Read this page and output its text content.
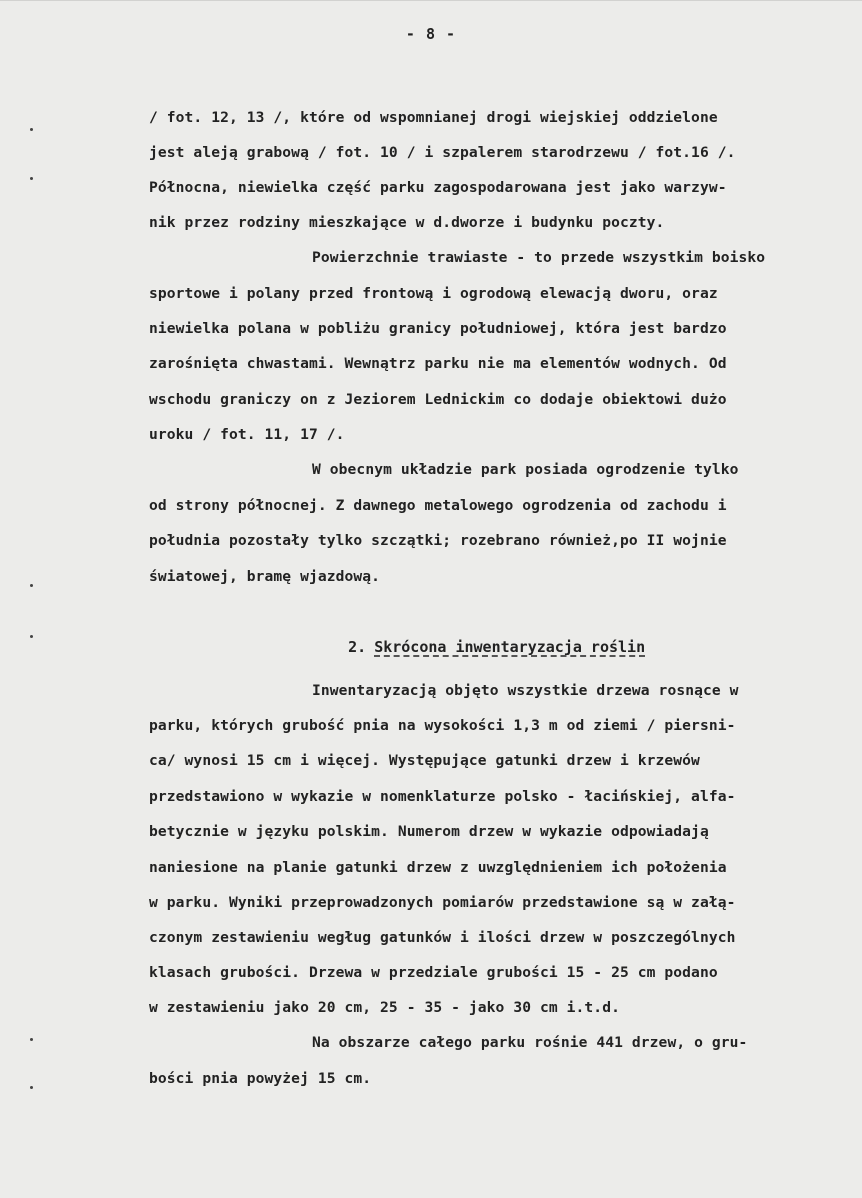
- 8 -
/ fot. 12, 13 /, które od wspomnianej drogi wiejskiej oddzielone
jest aleją grabową / fot. 10 / i szpalerem starodrzewu / fot.16 /.
Północna, niewielka część parku zagospodarowana jest jako warzyw-
nik przez rodziny mieszkające w d.dworze i budynku poczty.
Powierzchnie trawiaste - to przede wszystkim boisko
sportowe i polany przed frontową i ogrodową elewacją dworu, oraz
niewielka polana w pobliżu granicy południowej, która jest bardzo
zarośnięta chwastami. Wewnątrz parku nie ma elementów wodnych. Od
wschodu graniczy on z Jeziorem Lednickim co dodaje obiektowi dużo
uroku / fot. 11, 17 /.
W obecnym układzie park posiada ogrodzenie tylko
od strony północnej. Z dawnego metalowego ogrodzenia od zachodu i
południa pozostały tylko szczątki; rozebrano również,po II wojnie
światowej, bramę wjazdową.

2. Skrócona inwentaryzacja roślin

Inwentaryzacją objęto wszystkie drzewa rosnące w
parku, których grubość pnia na wysokości 1,3 m od ziemi / piersni-
ca/ wynosi 15 cm i więcej. Występujące gatunki drzew i krzewów
przedstawiono w wykazie w nomenklaturze polsko - łacińskiej, alfa-
betycznie w języku polskim. Numerom drzew w wykazie odpowiadają
naniesione na planie gatunki drzew z uwzględnieniem ich położenia
w parku. Wyniki przeprowadzonych pomiarów przedstawione są w załą-
czonym zestawieniu wegług gatunków i ilości drzew w poszczególnych
klasach grubości. Drzewa w przedziale grubości 15 - 25 cm podano
w zestawieniu jako 20 cm, 25 - 35 - jako 30 cm i.t.d.
Na obszarze całego parku rośnie 441 drzew, o gru-
bości pnia powyżej 15 cm.
